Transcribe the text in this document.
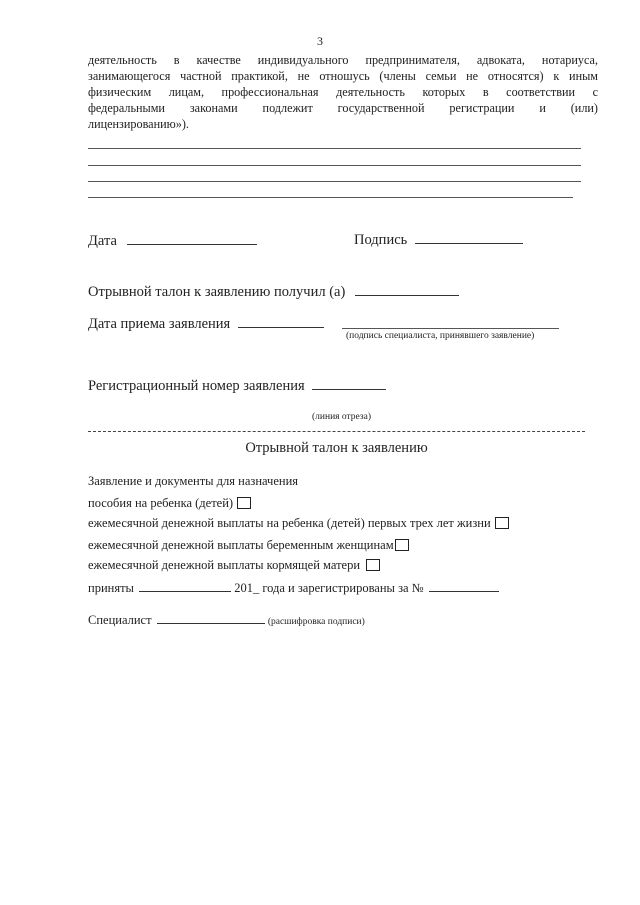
3
деятельность в качестве индивидуального предпринимателя, адвоката, нотариуса,
занимающегося частной практикой, не отношусь (члены семьи не относятся) к иным
физическим лицам, профессиональная деятельность которых в соответствии с
федеральными законами подлежит государственной регистрации и (или)
лицензированию»).
Дата	Подпись
Отрывной талон к заявлению получил (а)
Дата приема заявления
(подпись специалиста, принявшего заявление)
Регистрационный номер заявления
(линия отреза)
Отрывной талон к заявлению
Заявление и документы для назначения
пособия на ребенка (детей)
ежемесячной денежной выплаты на ребенка (детей) первых трех лет жизни
ежемесячной денежной выплаты беременным женщинам
ежемесячной денежной выплаты кормящей матери
приняты	201_ года и зарегистрированы за №
Специалист	(расшифровка подписи)
